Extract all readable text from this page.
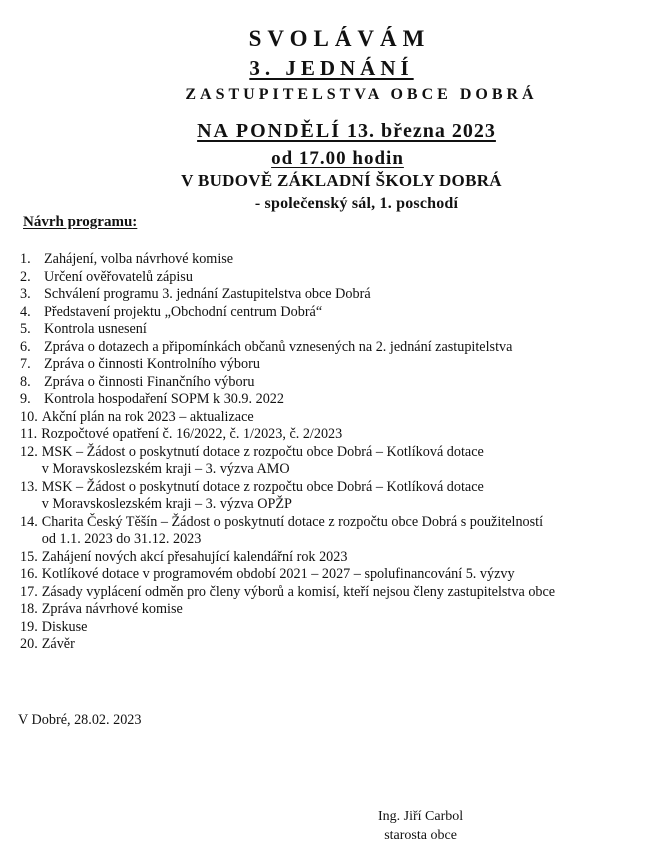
SVOLÁVÁM
3. JEDNÁNÍ
ZASTUPITELSTVA OBCE DOBRÁ
NA PONDĚLÍ 13. března 2023
od 17.00 hodin
V BUDOVĚ ZÁKLADNÍ ŠKOLY DOBRÁ
- společenský sál, 1. poschodí
Návrh programu:
1. Zahájení, volba návrhové komise
2. Určení ověřovatelů zápisu
3. Schválení programu 3. jednání Zastupitelstva obce Dobrá
4. Představení projektu „Obchodní centrum Dobrá“
5. Kontrola usnesení
6. Zpráva o dotazech a připomínkách občanů vznesených na 2. jednání zastupitelstva
7. Zpráva o činnosti Kontrolního výboru
8. Zpráva o činnosti Finančního výboru
9. Kontrola hospodaření SOPM k 30.9. 2022
10. Akční plán na rok 2023 – aktualizace
11. Rozpočtové opatření č. 16/2022, č. 1/2023, č. 2/2023
12. MSK – Žádost o poskytnutí dotace z rozpočtu obce Dobrá – Kotlíková dotace
v Moravskoslezském kraji – 3. výzva AMO
13. MSK – Žádost o poskytnutí dotace z rozpočtu obce Dobrá – Kotlíková dotace
v Moravskoslezském kraji – 3. výzva OPŽP
14. Charita Český Těšín – Žádost o poskytnutí dotace z rozpočtu obce Dobrá s použitelností
od 1.1. 2023 do 31.12. 2023
15. Zahájení nových akcí přesahující kalendářní rok 2023
16. Kotlíkové dotace v programovém období 2021 – 2027 – spolufinancování 5. výzvy
17. Zásady vyplácení odměn pro členy výborů a komisí, kteří nejsou členy zastupitelstva obce
18. Zpráva návrhové komise
19. Diskuse
20. Závěr
V Dobré, 28.02. 2023
Ing. Jiří Carbol
starosta obce
